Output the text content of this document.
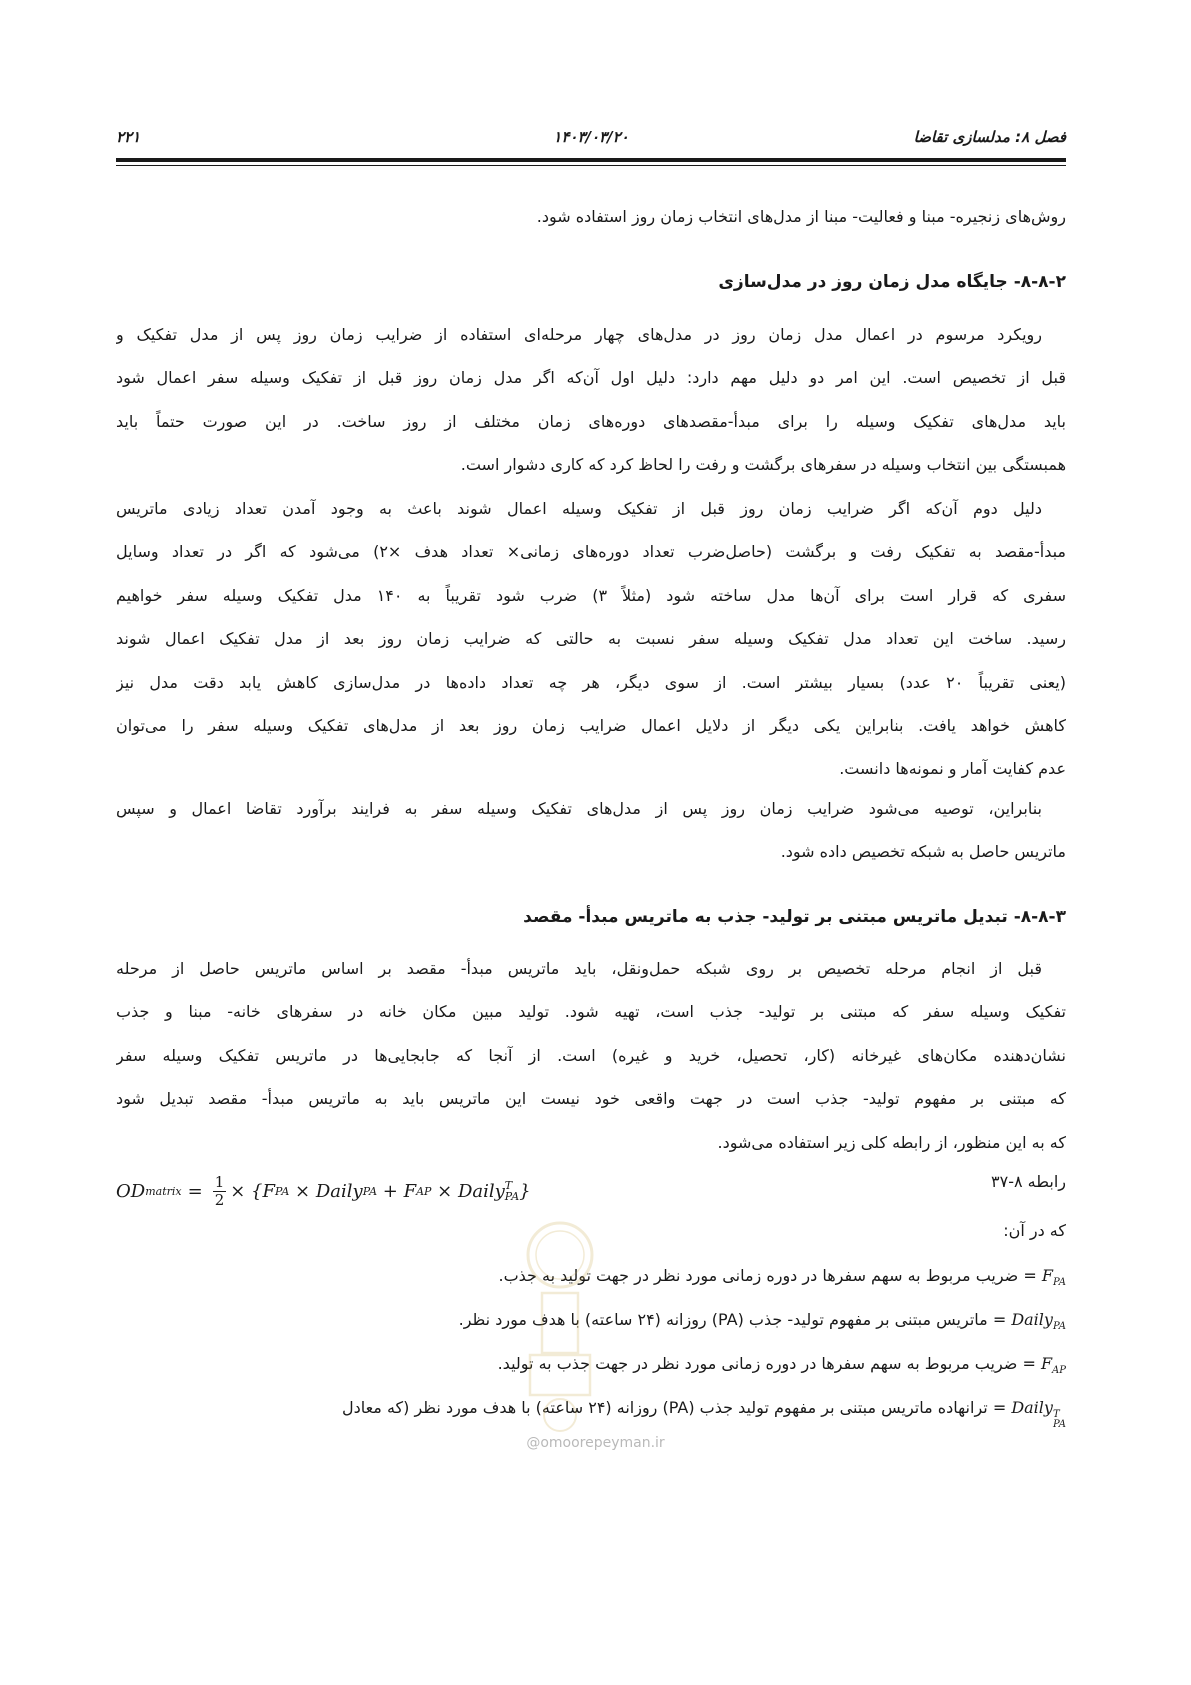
۲۲۱	۱۴۰۳/۰۳/۲۰	فصل ۸: مدلسازی تقاضا
روش‌های زنجیره- مبنا و فعالیت- مبنا از مدل‌های انتخاب زمان روز استفاده شود.
۸-۸-۲- جایگاه مدل زمان روز در مدل‌سازی
رویکرد مرسوم در اعمال مدل زمان روز در مدل‌های چهار مرحله‌ای استفاده از ضرایب زمان روز پس از مدل تفکیک و
قبل از تخصیص است. این امر دو دلیل مهم دارد: دلیل اول آن‌که اگر مدل زمان روز قبل از تفکیک وسیله سفر اعمال شود
باید مدل‌های تفکیک وسیله را برای مبدأ-مقصدهای دوره‌های زمان مختلف از روز ساخت. در این صورت حتماً باید
همبستگی بین انتخاب وسیله در سفرهای برگشت و رفت را لحاظ کرد که کاری دشوار است.
دلیل دوم آن‌که اگر ضرایب زمان روز قبل از تفکیک وسیله اعمال شوند باعث به وجود آمدن تعداد زیادی ماتریس
مبدأ-مقصد به تفکیک رفت و برگشت (حاصل‌ضرب تعداد دوره‌های زمانی× تعداد هدف ×۲) می‌شود که اگر در تعداد وسایل
سفری که قرار است برای آن‌ها مدل ساخته شود (مثلاً ۳) ضرب شود تقریباً به ۱۴۰ مدل تفکیک وسیله سفر خواهیم
رسید. ساخت این تعداد مدل تفکیک وسیله سفر نسبت به حالتی که ضرایب زمان روز بعد از مدل تفکیک اعمال شوند
(یعنی تقریباً ۲۰ عدد) بسیار بیشتر است. از سوی دیگر، هر چه تعداد داده‌ها در مدل‌سازی کاهش یابد دقت مدل نیز
کاهش خواهد یافت. بنابراین یکی دیگر از دلایل اعمال ضرایب زمان روز بعد از مدل‌های تفکیک وسیله سفر را می‌توان
عدم کفایت آمار و نمونه‌ها دانست.
بنابراین، توصیه می‌شود ضرایب زمان روز پس از مدل‌های تفکیک وسیله سفر به فرایند برآورد تقاضا اعمال و سپس
ماتریس حاصل به شبکه تخصیص داده شود.
۸-۸-۳- تبدیل ماتریس مبتنی بر تولید- جذب به ماتریس مبدأ- مقصد
قبل از انجام مرحله تخصیص بر روی شبکه حمل‌ونقل، باید ماتریس مبدأ- مقصد بر اساس ماتریس حاصل از مرحله
تفکیک وسیله سفر که مبتنی بر تولید- جذب است، تهیه شود. تولید مبین مکان خانه در سفرهای خانه- مبنا و جذب
نشان‌دهنده مکان‌های غیرخانه (کار، تحصیل، خرید و غیره) است. از آنجا که جابجایی‌ها در ماتریس تفکیک وسیله سفر
که مبتنی بر مفهوم تولید- جذب است در جهت واقعی خود نیست این ماتریس باید به ماتریس مبدأ- مقصد تبدیل شود
که به این منظور، از رابطه کلی زیر استفاده می‌شود.
OD matrix = $\frac{1}{2} \times \{F$ PA × Daily PA + F AP × Daily T
PA }	رابطه ۸-۳۷
که در آن:
$F_{PA}$ = ضریب مربوط به سهم سفرها در دوره زمانی مورد نظر در جهت تولید به جذب.
Daily$_{PA}$ = ماتریس مبتنی بر مفهوم تولید- جذب (PA) روزانه (۲۴ ساعته) با هدف مورد نظر.
$F_{AP}$ = ضریب مربوط به سهم سفرها در دوره زمانی مورد نظر در جهت جذب به تولید.
Daily T
PA
= ترانهاده ماتریس مبتنی بر مفهوم تولید جذب (PA) روزانه (۲۴ ساعته) با هدف مورد نظر (که معادل
@omoorepeyman.ir
